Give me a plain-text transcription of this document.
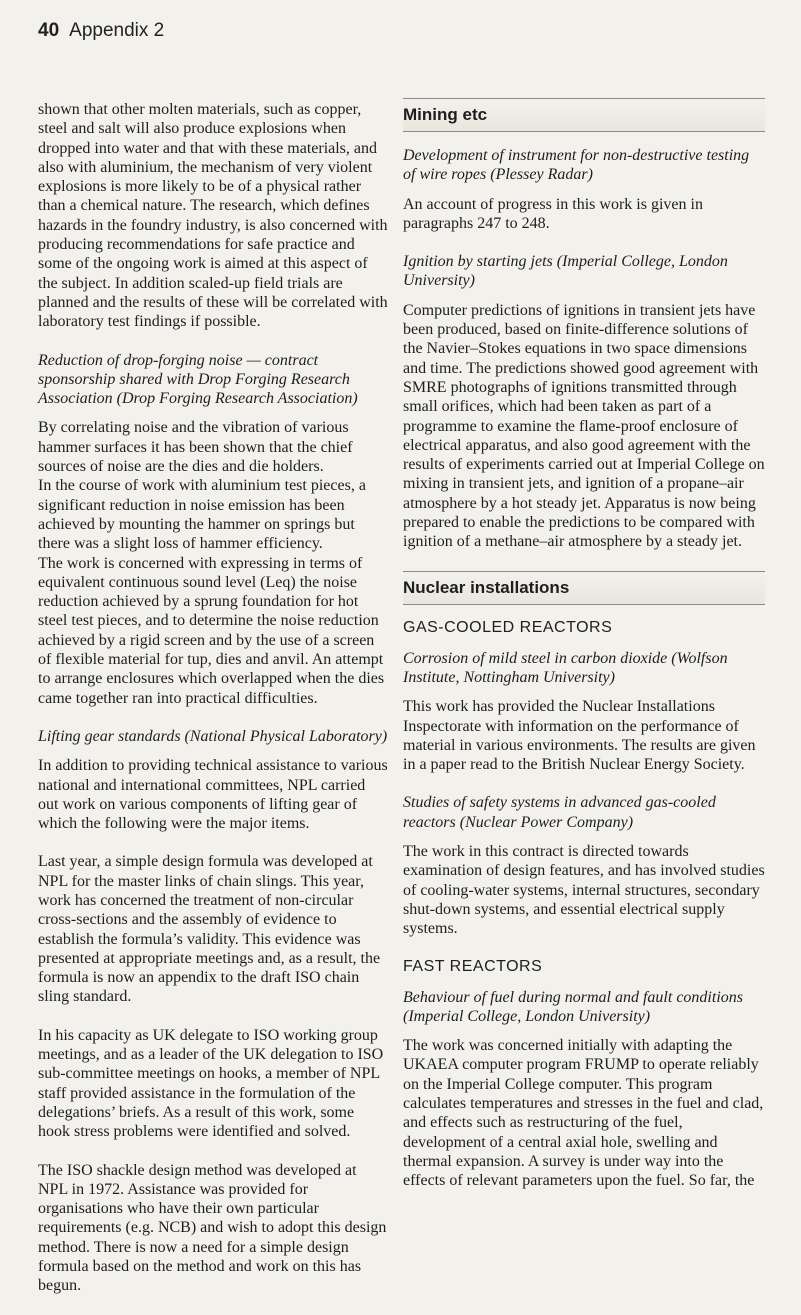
40 Appendix 2

shown that other molten materials, such as copper, steel and salt will also produce explosions when dropped into water and that with these materials, and also with aluminium, the mechanism of very violent explosions is more likely to be of a physical rather than a chemical nature. The research, which defines hazards in the foundry industry, is also concerned with producing recommendations for safe practice and some of the ongoing work is aimed at this aspect of the subject. In addition scaled-up field trials are planned and the results of these will be correlated with laboratory test findings if possible.

Reduction of drop-forging noise — contract sponsorship shared with Drop Forging Research Association (Drop Forging Research Association)

By correlating noise and the vibration of various hammer surfaces it has been shown that the chief sources of noise are the dies and die holders.

In the course of work with aluminium test pieces, a significant reduction in noise emission has been achieved by mounting the hammer on springs but there was a slight loss of hammer efficiency.

The work is concerned with expressing in terms of equivalent continuous sound level (Leq) the noise reduction achieved by a sprung foundation for hot steel test pieces, and to determine the noise reduction achieved by a rigid screen and by the use of a screen of flexible material for tup, dies and anvil. An attempt to arrange enclosures which overlapped when the dies came together ran into practical difficulties.

Lifting gear standards (National Physical Laboratory)

In addition to providing technical assistance to various national and international committees, NPL carried out work on various components of lifting gear of which the following were the major items.

Last year, a simple design formula was developed at NPL for the master links of chain slings. This year, work has concerned the treatment of non-circular cross-sections and the assembly of evidence to establish the formula’s validity. This evidence was presented at appropriate meetings and, as a result, the formula is now an appendix to the draft ISO chain sling standard.

In his capacity as UK delegate to ISO working group meetings, and as a leader of the UK delegation to ISO sub-committee meetings on hooks, a member of NPL staff provided assistance in the formulation of the delegations’ briefs. As a result of this work, some hook stress problems were identified and solved.

The ISO shackle design method was developed at NPL in 1972. Assistance was provided for organisations who have their own particular requirements (e.g. NCB) and wish to adopt this design method. There is now a need for a simple design formula based on the method and work on this has begun.

Mining etc
Development of instrument for non-destructive testing of wire ropes (Plessey Radar)

An account of progress in this work is given in paragraphs 247 to 248.

Ignition by starting jets (Imperial College, London University)

Computer predictions of ignitions in transient jets have been produced, based on finite-difference solutions of the Navier–Stokes equations in two space dimensions and time. The predictions showed good agreement with SMRE photographs of ignitions transmitted through small orifices, which had been taken as part of a programme to examine the flame-proof enclosure of electrical apparatus, and also good agreement with the results of experiments carried out at Imperial College on mixing in transient jets, and ignition of a propane–air atmosphere by a hot steady jet. Apparatus is now being prepared to enable the predictions to be compared with ignition of a methane–air atmosphere by a steady jet.

Nuclear installations
GAS-COOLED REACTORS
Corrosion of mild steel in carbon dioxide (Wolfson Institute, Nottingham University)

This work has provided the Nuclear Installations Inspectorate with information on the performance of material in various environments. The results are given in a paper read to the British Nuclear Energy Society.

Studies of safety systems in advanced gas-cooled reactors (Nuclear Power Company)

The work in this contract is directed towards examination of design features, and has involved studies of cooling-water systems, internal structures, secondary shut-down systems, and essential electrical supply systems.

FAST REACTORS
Behaviour of fuel during normal and fault conditions (Imperial College, London University)

The work was concerned initially with adapting the UKAEA computer program FRUMP to operate reliably on the Imperial College computer. This program calculates temperatures and stresses in the fuel and clad, and effects such as restructuring of the fuel, development of a central axial hole, swelling and thermal expansion. A survey is under way into the effects of relevant parameters upon the fuel. So far, the
